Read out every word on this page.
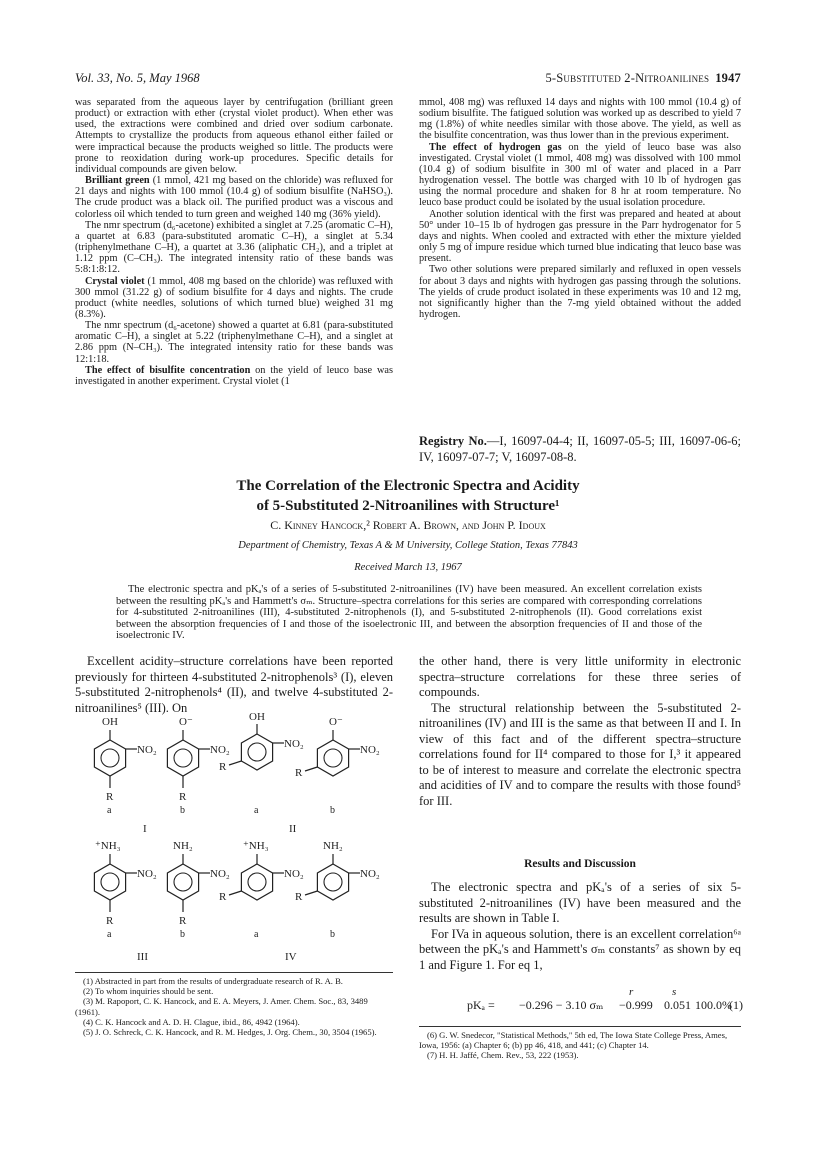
Vol. 33, No. 5, May 1968	5-Substituted 2-Nitroanilines 1947

was separated from the aqueous layer by centrifugation (brilliant green product) or extraction with ether (crystal violet product). When ether was used, the extractions were combined and dried over sodium carbonate. Attempts to crystallize the products from aqueous ethanol either failed or were impractical because the products weighed so little. The products were prone to reoxidation during work-up procedures. Specific details for individual compounds are given below.

Brilliant green (1 mmol, 421 mg based on the chloride) was refluxed for 21 days and nights with 100 mmol (10.4 g) of sodium bisulfite (NaHSO₃). The crude product was a black oil. The purified product was a viscous and colorless oil which tended to turn green and weighed 140 mg (36% yield).

The nmr spectrum (d₆-acetone) exhibited a singlet at 7.25 (aromatic C–H), a quartet at 6.83 (para-substituted aromatic C–H), a singlet at 5.34 (triphenylmethane C–H), a quartet at 3.36 (aliphatic CH₂), and a triplet at 1.12 ppm (C–CH₃). The integrated intensity ratio of these bands was 5:8:1:8:12.

Crystal violet (1 mmol, 408 mg based on the chloride) was refluxed with 300 mmol (31.22 g) of sodium bisulfite for 4 days and nights. The crude product (white needles, solutions of which turned blue) weighed 31 mg (8.3%).

The nmr spectrum (d₆-acetone) showed a quartet at 6.81 (para-substituted aromatic C–H), a singlet at 5.22 (triphenylmethane C–H), and a singlet at 2.86 ppm (N–CH₃). The integrated intensity ratio for these bands was 12:1:18.

The effect of bisulfite concentration on the yield of leuco base was investigated in another experiment. Crystal violet (1

mmol, 408 mg) was refluxed 14 days and nights with 100 mmol (10.4 g) of sodium bisulfite. The fatigued solution was worked up as described to yield 7 mg (1.8%) of white needles similar with those above. The yield, as well as the bisulfite concentration, was thus lower than in the previous experiment.

The effect of hydrogen gas on the yield of leuco base was also investigated. Crystal violet (1 mmol, 408 mg) was dissolved with 100 mmol (10.4 g) of sodium bisulfite in 300 ml of water and placed in a Parr hydrogenation vessel. The bottle was charged with 10 lb of hydrogen gas using the normal procedure and shaken for 8 hr at room temperature. No leuco base product could be isolated by the usual isolation procedure.

Another solution identical with the first was prepared and heated at about 50° under 10–15 lb of hydrogen gas pressure in the Parr hydrogenator for 5 days and nights. When cooled and extracted with ether the mixture yielded only 5 mg of impure residue which turned blue indicating that leuco base was present.

Two other solutions were prepared similarly and refluxed in open vessels for about 3 days and nights with hydrogen gas passing through the solutions. The yields of crude product isolated in these experiments was 10 and 12 mg, not significantly higher than the 7-mg yield obtained without the added hydrogen.

Registry No.—I, 16097-04-4; II, 16097-05-5; III, 16097-06-6; IV, 16097-07-7; V, 16097-08-8.
The Correlation of the Electronic Spectra and Acidity
of 5-Substituted 2-Nitroanilines with Structure¹
C. Kinney Hancock,² Robert A. Brown, and John P. Idoux
Department of Chemistry, Texas A & M University, College Station, Texas 77843
Received March 13, 1967
The electronic spectra and pKₐ's of a series of 5-substituted 2-nitroanilines (IV) have been measured. An excellent correlation exists between the resulting pKₐ's and Hammett's σₘ. Structure–spectra correlations for this series are compared with corresponding correlations for 4-substituted 2-nitroanilines (III), 4-substituted 2-nitrophenols (I), and 5-substituted 2-nitrophenols (II). Good correlations exist between the absorption frequencies of I and those of the isoelectronic III, and between the absorption frequencies of II and those of the isoelectronic IV.
Excellent acidity–structure correlations have been reported previously for thirteen 4-substituted 2-nitrophenols³ (I), eleven 5-substituted 2-nitrophenols⁴ (II), and twelve 4-substituted 2-nitroanilines⁵ (III). On
OH	O⁻	OH	O⁻
NO₂	NO₂	NO₂	NO₂
R	R
R	R
a	b	a	b
I	II
⁺NH₃	NH₂	⁺NH₃	NH₂
NO₂	NO₂	NO₂	NO₂
R	R
R	R
a	b	a	b
III	IV

the other hand, there is very little uniformity in electronic spectra–structure correlations for these three series of compounds.

The structural relationship between the 5-substituted 2-nitroanilines (IV) and III is the same as that between II and I. In view of this fact and of the different spectra–structure correlations found for II⁴ compared to those for I,³ it appeared to be of interest to measure and correlate the electronic spectra and acidities of IV and to compare the results with those found⁵ for III.

Results and Discussion

The electronic spectra and pKₐ's of a series of six 5-substituted 2-nitroanilines (IV) have been measured and the results are shown in Table I.

For IVa in aqueous solution, there is an excellent correlation⁶ᵃ between the pKₐ's and Hammett's σₘ constants⁷ as shown by eq 1 and Figure 1. For eq 1,

r	s
pKₐ = −0.296 − 3.10 σₘ −0.999 0.051 100.0%
(1)

(1) Abstracted in part from the results of undergraduate research of R. A. B.

(2) To whom inquiries should be sent.

(3) M. Rapoport, C. K. Hancock, and E. A. Meyers, J. Amer. Chem. Soc., 83, 3489 (1961).

(4) C. K. Hancock and A. D. H. Clague, ibid., 86, 4942 (1964).

(5) J. O. Schreck, C. K. Hancock, and R. M. Hedges, J. Org. Chem., 30, 3504 (1965).	(6) G. W. Snedecor, "Statistical Methods," 5th ed, The Iowa State College Press, Ames, Iowa, 1956: (a) Chapter 6; (b) pp 46, 418, and 441; (c) Chapter 14.

(7) H. H. Jaffé, Chem. Rev., 53, 222 (1953).
